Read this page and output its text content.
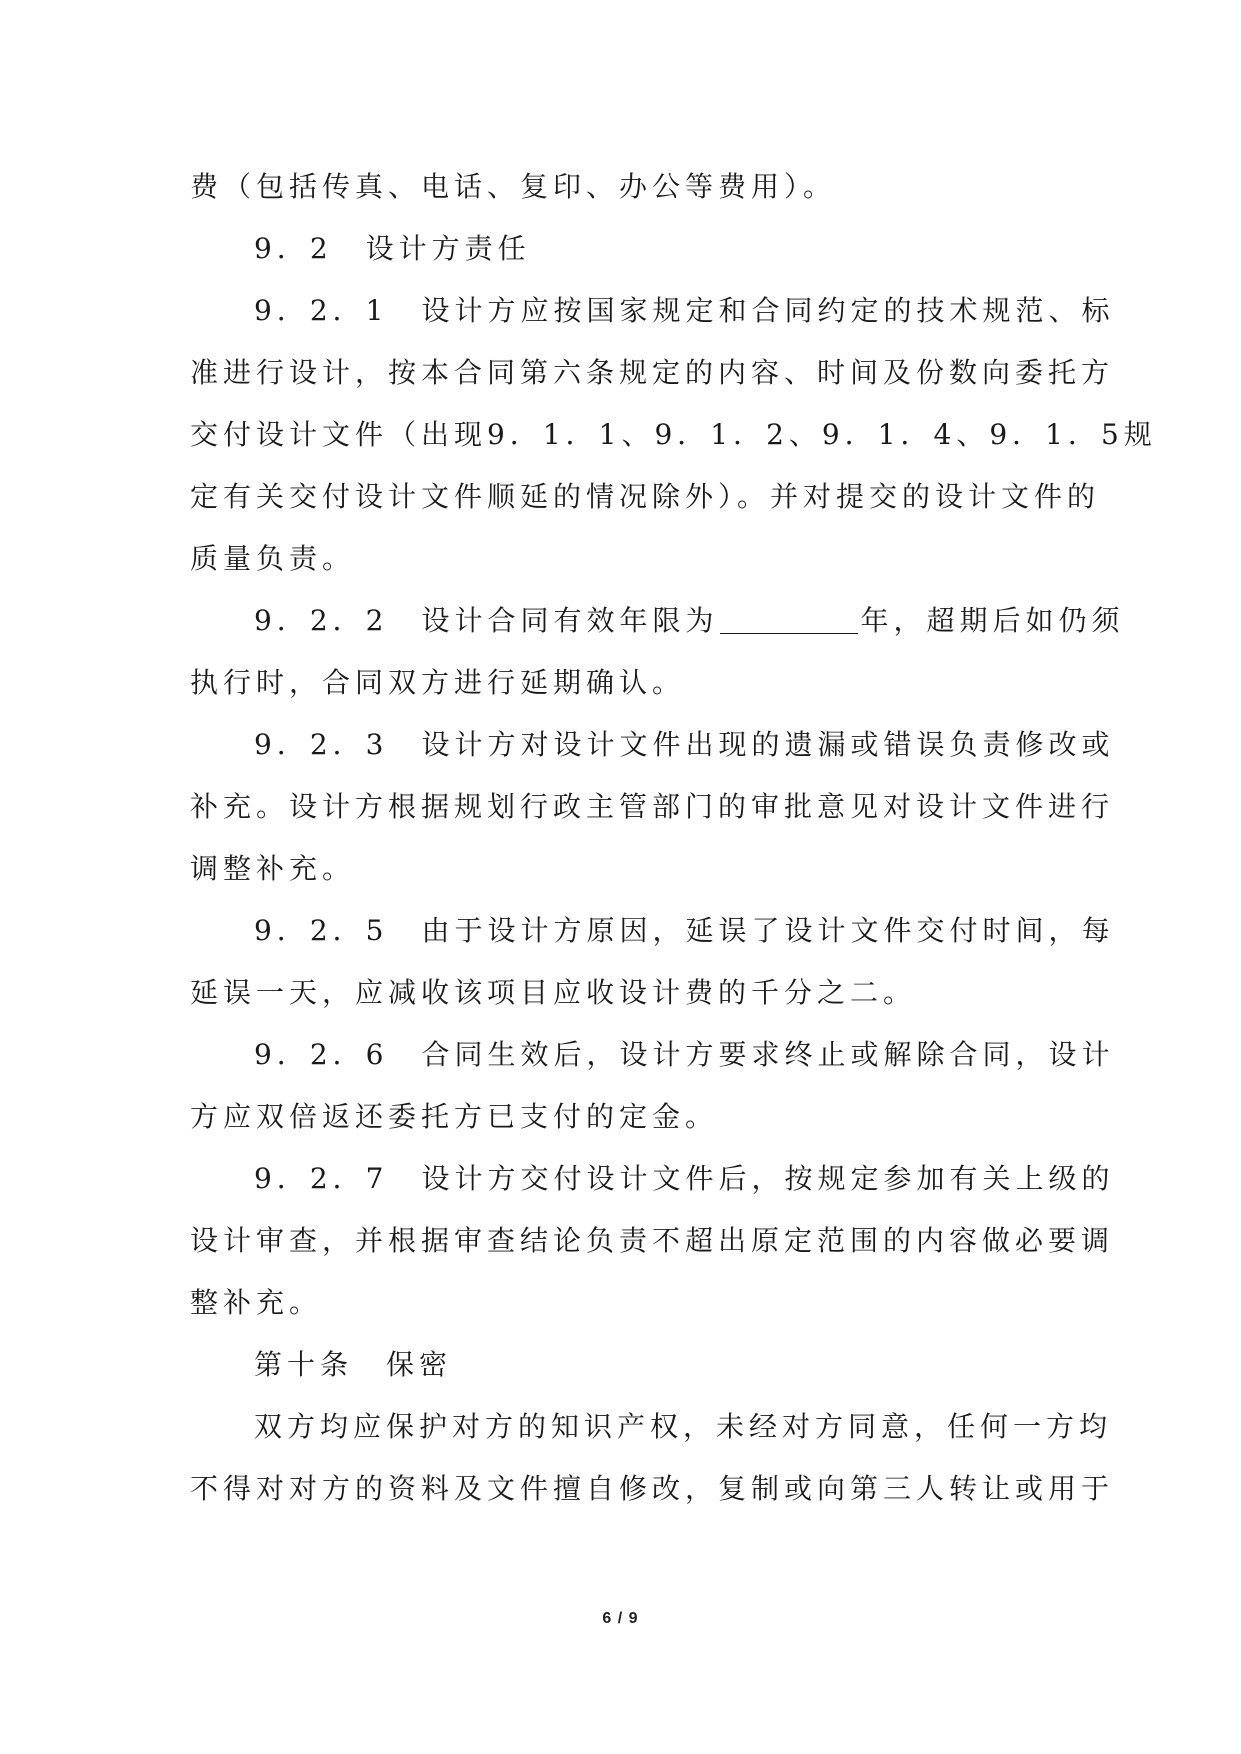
费（包括传真、电话、复印、办公等费用）。
9．2　设计方责任
9．2．1　设计方应按国家规定和合同约定的技术规范、标
准进行设计，按本合同第六条规定的内容、时间及份数向委托方
交付设计文件（出现9．1．1、9．1．2、9．1．4、9．1．5规
定有关交付设计文件顺延的情况除外）。并对提交的设计文件的
质量负责。
9．2．2　设计合同有效年限为	年，超期后如仍须
执行时，合同双方进行延期确认。
9．2．3　设计方对设计文件出现的遗漏或错误负责修改或
补充。设计方根据规划行政主管部门的审批意见对设计文件进行
调整补充。
9．2．5　由于设计方原因，延误了设计文件交付时间，每
延误一天，应减收该项目应收设计费的千分之二。
9．2．6　合同生效后，设计方要求终止或解除合同，设计
方应双倍返还委托方已支付的定金。
9．2．7　设计方交付设计文件后，按规定参加有关上级的
设计审查，并根据审查结论负责不超出原定范围的内容做必要调
整补充。
第十条　保密
双方均应保护对方的知识产权，未经对方同意，任何一方均
不得对对方的资料及文件擅自修改，复制或向第三人转让或用于
6 / 9
